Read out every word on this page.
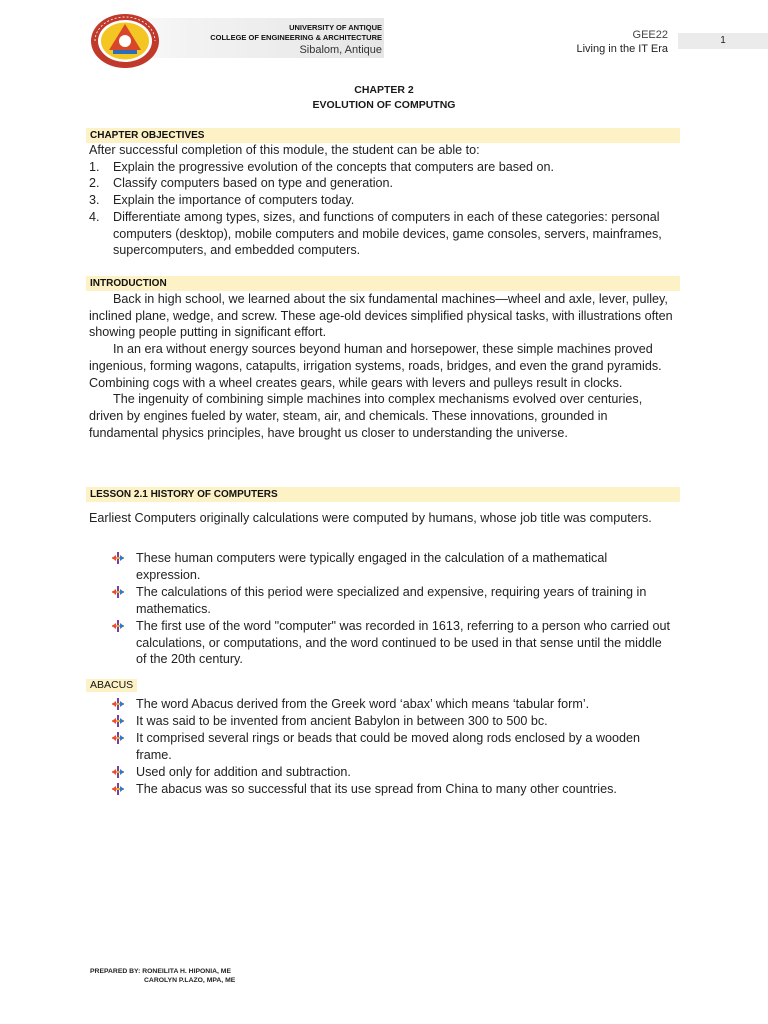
UNIVERSITY OF ANTIQUE
COLLEGE OF ENGINEERING & ARCHITECTURE
Sibalom, Antique
GEE22
Living in the IT Era
1
CHAPTER 2
EVOLUTION OF COMPUTNG
CHAPTER OBJECTIVES

After successful completion of this module, the student can be able to:

1. Explain the progressive evolution of the concepts that computers are based on.
2. Classify computers based on type and generation.
3. Explain the importance of computers today.
4. Differentiate among types, sizes, and functions of computers in each of these categories: personal computers (desktop), mobile computers and mobile devices, game consoles, servers, mainframes, supercomputers, and embedded computers.
INTRODUCTION

Back in high school, we learned about the six fundamental machines—wheel and axle, lever, pulley, inclined plane, wedge, and screw. These age-old devices simplified physical tasks, with illustrations often showing people putting in significant effort.

In an era without energy sources beyond human and horsepower, these simple machines proved ingenious, forming wagons, catapults, irrigation systems, roads, bridges, and even the grand pyramids. Combining cogs with a wheel creates gears, while gears with levers and pulleys result in clocks.

The ingenuity of combining simple machines into complex mechanisms evolved over centuries, driven by engines fueled by water, steam, air, and chemicals. These innovations, grounded in fundamental physics principles, have brought us closer to understanding the universe.

LESSON 2.1 HISTORY OF COMPUTERS
Earliest Computers originally calculations were computed by humans, whose job title was computers.
These human computers were typically engaged in the calculation of a mathematical expression.
The calculations of this period were specialized and expensive, requiring years of training in mathematics.
The first use of the word "computer" was recorded in 1613, referring to a person who carried out calculations, or computations, and the word continued to be used in that sense until the middle of the 20th century.
ABACUS
The word Abacus derived from the Greek word ‘abax’ which means ‘tabular form’.
It was said to be invented from ancient Babylon in between 300 to 500 bc.
It comprised several rings or beads that could be moved along rods enclosed by a wooden frame.
Used only for addition and subtraction.
The abacus was so successful that its use spread from China to many other countries.
PREPARED BY: RONEILITA H. HIPONIA, ME
CAROLYN P.LAZO, MPA, ME
